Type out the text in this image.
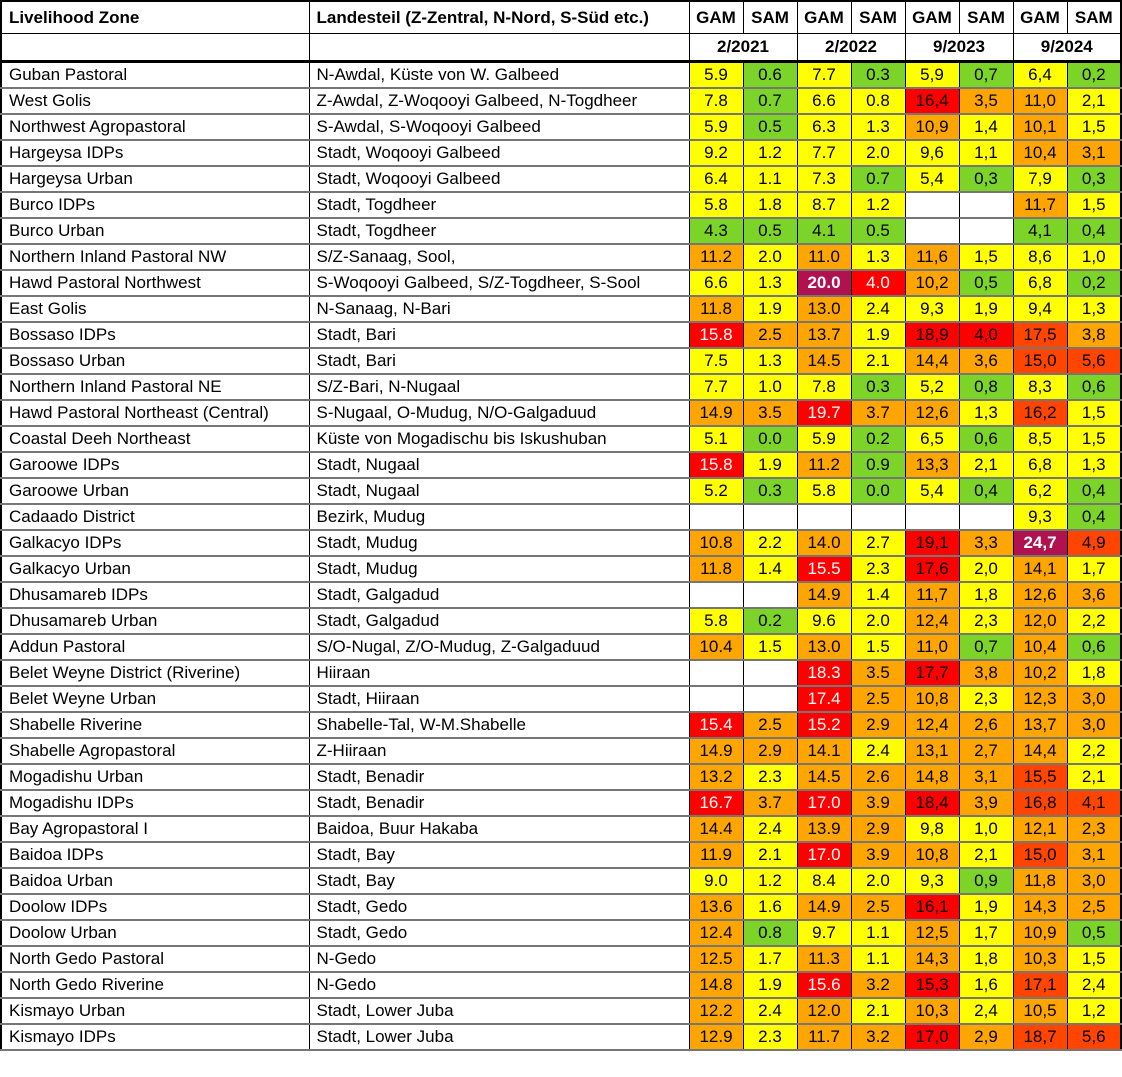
Livelihood Zone	Landesteil (Z-Zentral, N-Nord, S-Süd etc.)	GAM	SAM	GAM	SAM	GAM	SAM	GAM	SAM
		2/2021		2/2022		9/2023		9/2024	
Guban Pastoral	N-Awdal, Küste von W. Galbeed	5.9	0.6	7.7	0.3	5,9	0,7	6,4	0,2
West Golis	Z-Awdal, Z-Woqooyi Galbeed, N-Togdheer	7.8	0.7	6.6	0.8	16,4	3,5	11,0	2,1
Northwest Agropastoral	S-Awdal, S-Woqooyi Galbeed	5.9	0.5	6.3	1.3	10,9	1,4	10,1	1,5
Hargeysa IDPs	Stadt, Woqooyi Galbeed	9.2	1.2	7.7	2.0	9,6	1,1	10,4	3,1
Hargeysa Urban	Stadt, Woqooyi Galbeed	6.4	1.1	7.3	0.7	5,4	0,3	7,9	0,3
Burco IDPs	Stadt, Togdheer	5.8	1.8	8.7	1.2			11,7	1,5
Burco Urban	Stadt, Togdheer	4.3	0.5	4.1	0.5			4,1	0,4
Northern Inland Pastoral NW	S/Z-Sanaag, Sool,	11.2	2.0	11.0	1.3	11,6	1,5	8,6	1,0
Hawd Pastoral Northwest	S-Woqooyi Galbeed, S/Z-Togdheer, S-Sool	6.6	1.3	20.0	4.0	10,2	0,5	6,8	0,2
East Golis	N-Sanaag, N-Bari	11.8	1.9	13.0	2.4	9,3	1,9	9,4	1,3
Bossaso IDPs	Stadt, Bari	15.8	2.5	13.7	1.9	18,9	4,0	17,5	3,8
Bossaso Urban	Stadt, Bari	7.5	1.3	14.5	2.1	14,4	3,6	15,0	5,6
Northern Inland Pastoral NE	S/Z-Bari, N-Nugaal	7.7	1.0	7.8	0.3	5,2	0,8	8,3	0,6
Hawd Pastoral Northeast (Central)	S-Nugaal, O-Mudug, N/O-Galgaduud	14.9	3.5	19.7	3.7	12,6	1,3	16,2	1,5
Coastal Deeh Northeast	Küste von Mogadischu bis Iskushuban	5.1	0.0	5.9	0.2	6,5	0,6	8,5	1,5
Garoowe IDPs	Stadt, Nugaal	15.8	1.9	11.2	0.9	13,3	2,1	6,8	1,3
Garoowe Urban	Stadt, Nugaal	5.2	0.3	5.8	0.0	5,4	0,4	6,2	0,4
Cadaado District	Bezirk, Mudug							9,3	0,4
Galkacyo IDPs	Stadt, Mudug	10.8	2.2	14.0	2.7	19,1	3,3	24,7	4,9
Galkacyo Urban	Stadt, Mudug	11.8	1.4	15.5	2.3	17,6	2,0	14,1	1,7
Dhusamareb IDPs	Stadt, Galgadud			14.9	1.4	11,7	1,8	12,6	3,6
Dhusamareb Urban	Stadt, Galgadud	5.8	0.2	9.6	2.0	12,4	2,3	12,0	2,2
Addun Pastoral	S/O-Nugal, Z/O-Mudug, Z-Galgaduud	10.4	1.5	13.0	1.5	11,0	0,7	10,4	0,6
Belet Weyne District (Riverine)	Hiiraan			18.3	3.5	17,7	3,8	10,2	1,8
Belet Weyne Urban	Stadt, Hiiraan			17.4	2.5	10,8	2,3	12,3	3,0
Shabelle Riverine	Shabelle-Tal, W-M.Shabelle	15.4	2.5	15.2	2.9	12,4	2,6	13,7	3,0
Shabelle Agropastoral	Z-Hiiraan	14.9	2.9	14.1	2.4	13,1	2,7	14,4	2,2
Mogadishu Urban	Stadt, Benadir	13.2	2.3	14.5	2.6	14,8	3,1	15,5	2,1
Mogadishu IDPs	Stadt, Benadir	16.7	3.7	17.0	3.9	18,4	3,9	16,8	4,1
Bay Agropastoral I	Baidoa, Buur Hakaba	14.4	2.4	13.9	2.9	9,8	1,0	12,1	2,3
Baidoa IDPs	Stadt, Bay	11.9	2.1	17.0	3.9	10,8	2,1	15,0	3,1
Baidoa Urban	Stadt, Bay	9.0	1.2	8.4	2.0	9,3	0,9	11,8	3,0
Doolow IDPs	Stadt, Gedo	13.6	1.6	14.9	2.5	16,1	1,9	14,3	2,5
Doolow Urban	Stadt, Gedo	12.4	0.8	9.7	1.1	12,5	1,7	10,9	0,5
North Gedo Pastoral	N-Gedo	12.5	1.7	11.3	1.1	14,3	1,8	10,3	1,5
North Gedo Riverine	N-Gedo	14.8	1.9	15.6	3.2	15,3	1,6	17,1	2,4
Kismayo Urban	Stadt, Lower Juba	12.2	2.4	12.0	2.1	10,3	2,4	10,5	1,2
Kismayo IDPs	Stadt, Lower Juba	12.9	2.3	11.7	3.2	17,0	2,9	18,7	5,6
